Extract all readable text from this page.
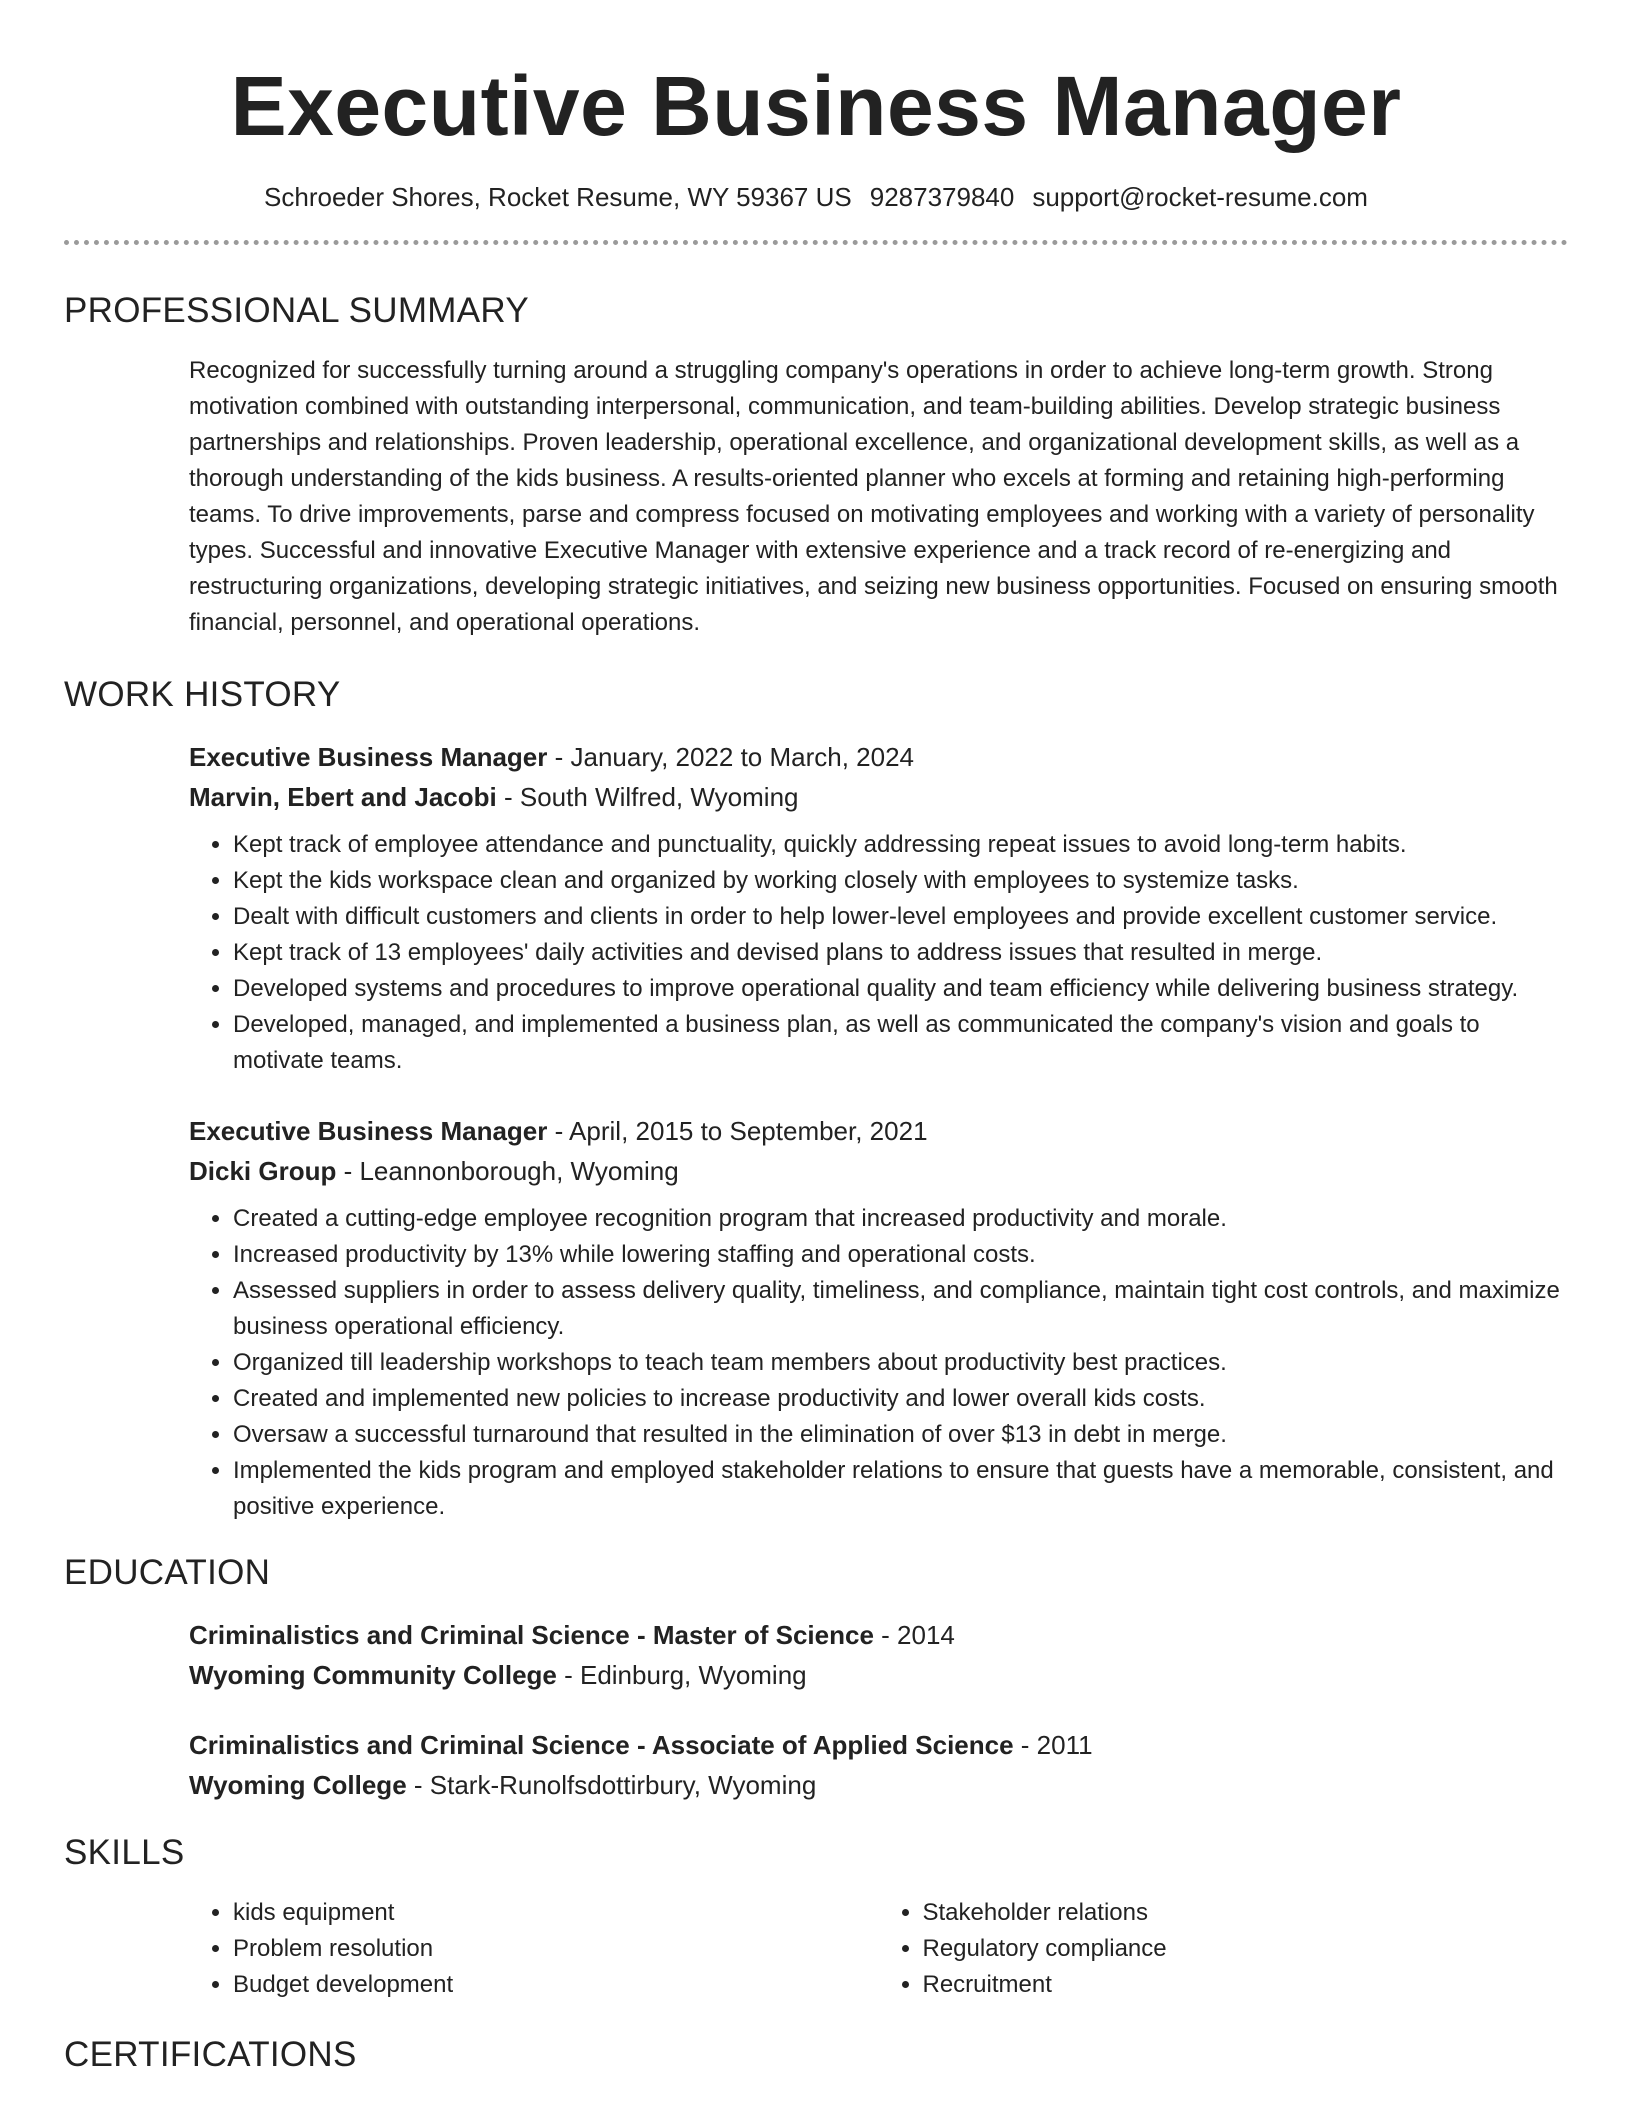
Executive Business Manager
Schroeder Shores, Rocket Resume, WY 59367 US 9287379840 support@rocket-resume.com
PROFESSIONAL SUMMARY

Recognized for successfully turning around a struggling company's operations in order to achieve long-term growth. Strong motivation combined with outstanding interpersonal, communication, and team-building abilities. Develop strategic business partnerships and relationships. Proven leadership, operational excellence, and organizational development skills, as well as a thorough understanding of the kids business. A results-oriented planner who excels at forming and retaining high-performing teams. To drive improvements, parse and compress focused on motivating employees and working with a variety of personality types. Successful and innovative Executive Manager with extensive experience and a track record of re-energizing and restructuring organizations, developing strategic initiatives, and seizing new business opportunities. Focused on ensuring smooth financial, personnel, and operational operations.

WORK HISTORY
Executive Business Manager - January, 2022 to March, 2024
Marvin, Ebert and Jacobi - South Wilfred, Wyoming
• Kept track of employee attendance and punctuality, quickly addressing repeat issues to avoid long-term habits.
• Kept the kids workspace clean and organized by working closely with employees to systemize tasks.
• Dealt with difficult customers and clients in order to help lower-level employees and provide excellent customer service.
• Kept track of 13 employees' daily activities and devised plans to address issues that resulted in merge.
• Developed systems and procedures to improve operational quality and team efficiency while delivering business strategy.
• Developed, managed, and implemented a business plan, as well as communicated the company's vision and goals to motivate teams.
Executive Business Manager - April, 2015 to September, 2021
Dicki Group - Leannonborough, Wyoming
• Created a cutting-edge employee recognition program that increased productivity and morale.
• Increased productivity by 13% while lowering staffing and operational costs.
• Assessed suppliers in order to assess delivery quality, timeliness, and compliance, maintain tight cost controls, and maximize business operational efficiency.
• Organized till leadership workshops to teach team members about productivity best practices.
• Created and implemented new policies to increase productivity and lower overall kids costs.
• Oversaw a successful turnaround that resulted in the elimination of over $13 in debt in merge.
• Implemented the kids program and employed stakeholder relations to ensure that guests have a memorable, consistent, and positive experience.
EDUCATION
Criminalistics and Criminal Science - Master of Science - 2014
Wyoming Community College - Edinburg, Wyoming
Criminalistics and Criminal Science - Associate of Applied Science - 2011
Wyoming College - Stark-Runolfsdottirbury, Wyoming
SKILLS
• kids equipment
• Problem resolution
• Budget development
• Stakeholder relations
• Regulatory compliance
• Recruitment
CERTIFICATIONS
